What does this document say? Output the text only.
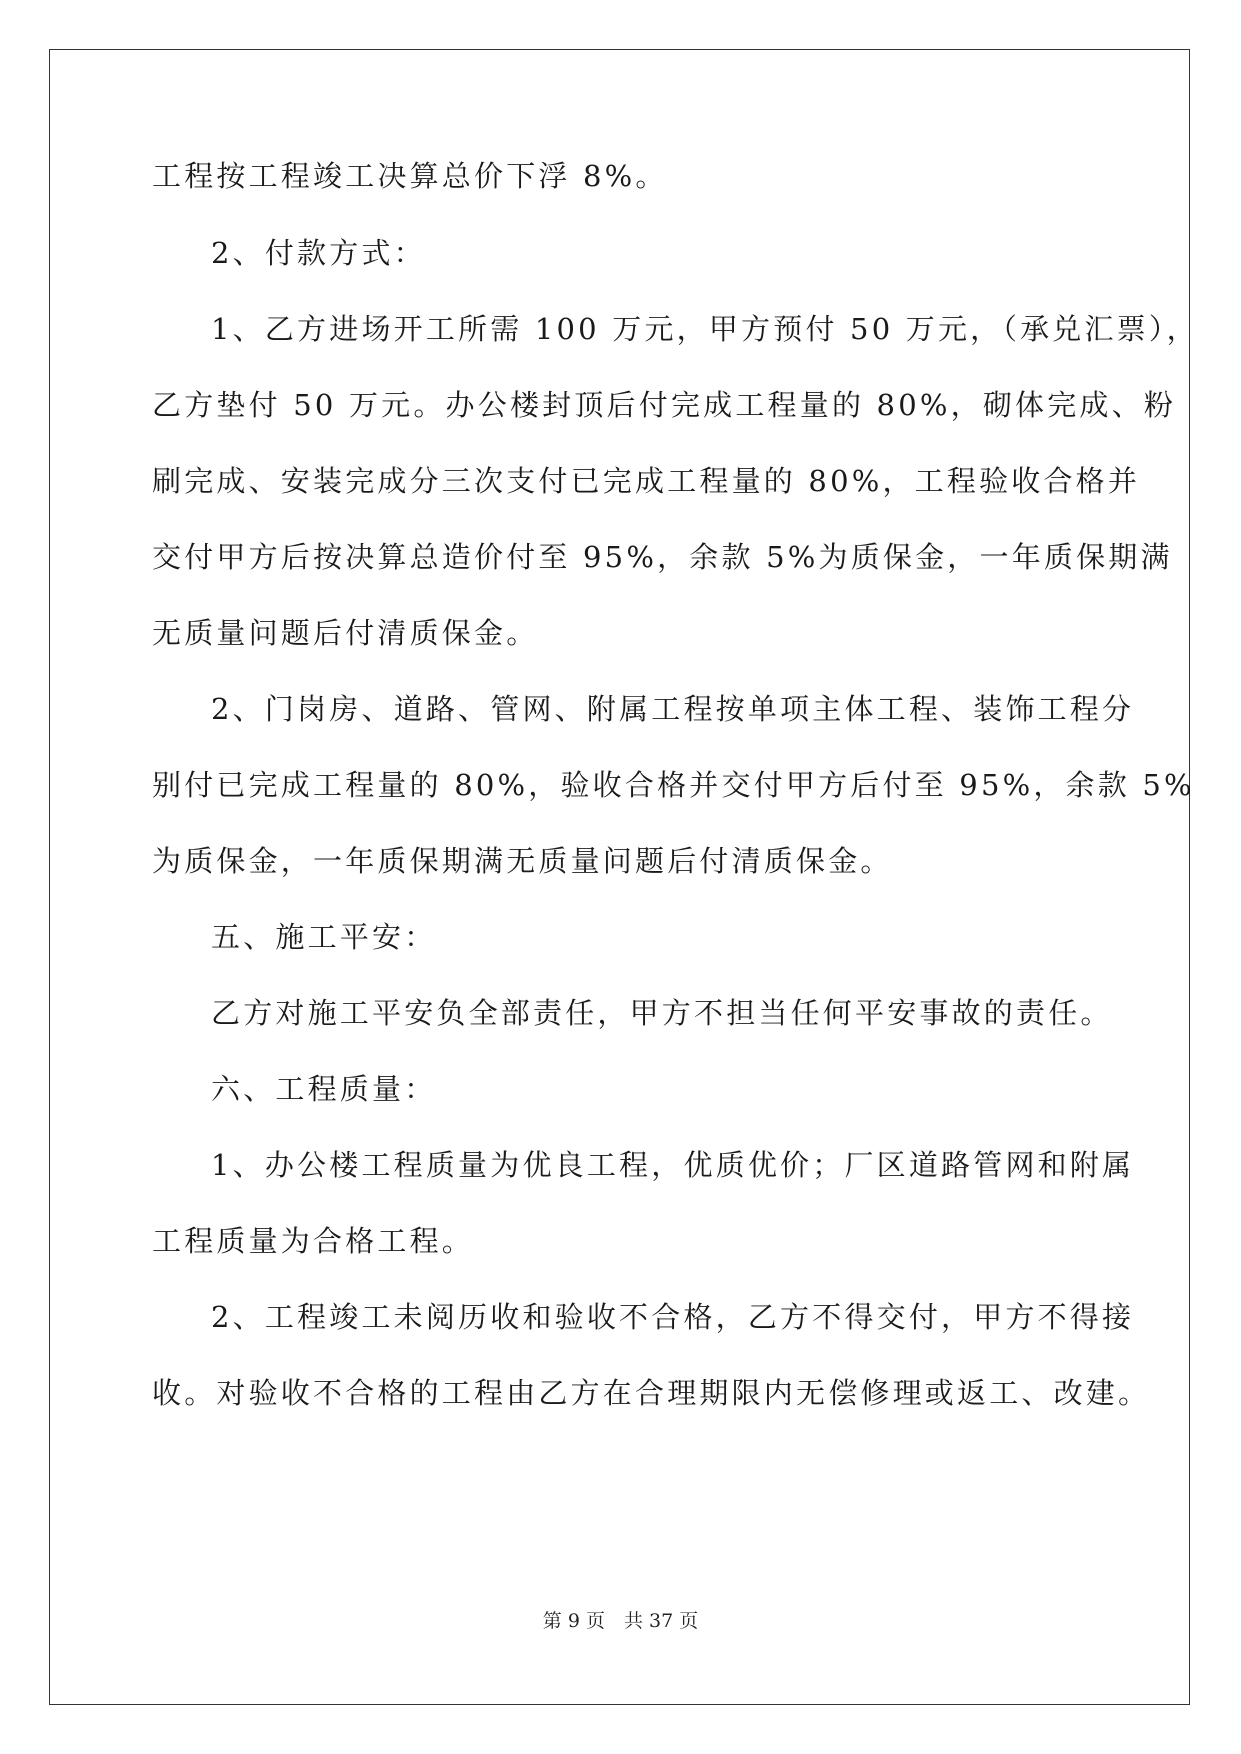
工程按工程竣工决算总价下浮 8%。
2、付款方式：
1、乙方进场开工所需 100 万元，甲方预付 50 万元，（承兑汇票），
乙方垫付 50 万元。办公楼封顶后付完成工程量的 80%，砌体完成、粉
刷完成、安装完成分三次支付已完成工程量的 80%，工程验收合格并
交付甲方后按决算总造价付至 95%，余款 5%为质保金，一年质保期满
无质量问题后付清质保金。
2、门岗房、道路、管网、附属工程按单项主体工程、装饰工程分
别付已完成工程量的 80%，验收合格并交付甲方后付至 95%，余款 5%
为质保金，一年质保期满无质量问题后付清质保金。
五、施工平安：
乙方对施工平安负全部责任，甲方不担当任何平安事故的责任。
六、工程质量：
1、办公楼工程质量为优良工程，优质优价；厂区道路管网和附属
工程质量为合格工程。
2、工程竣工未阅历收和验收不合格，乙方不得交付，甲方不得接
收。对验收不合格的工程由乙方在合理期限内无偿修理或返工、改建。
第 9 页　共 37 页
